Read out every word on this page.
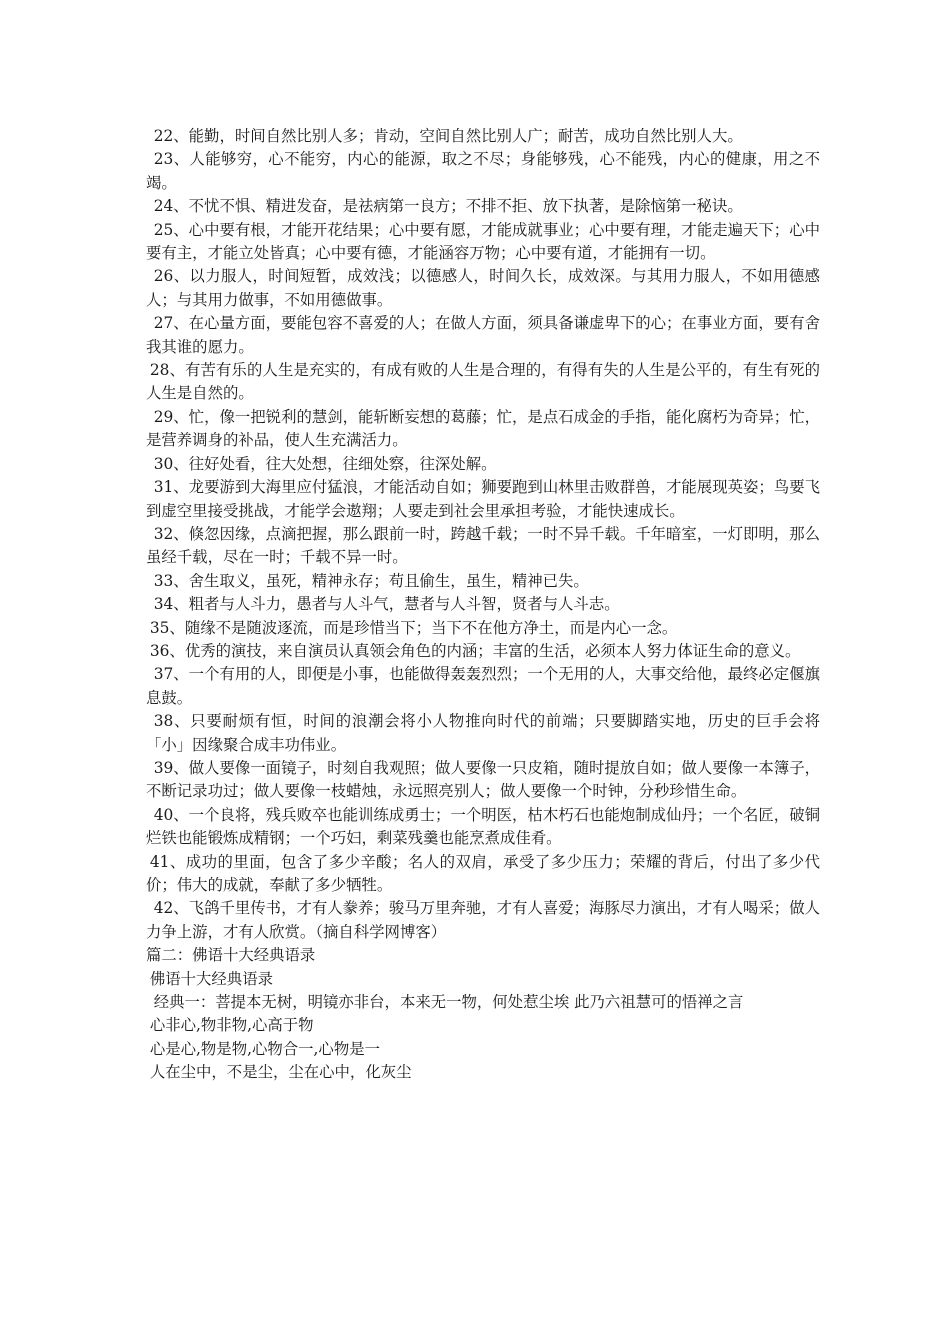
22、能勤，时间自然比别人多；肯动，空间自然比别人广；耐苦，成功自然比别人大。

23、人能够穷，心不能穷，内心的能源，取之不尽；身能够残，心不能残，内心的健康，用之不竭。

24、不忧不惧、精进发奋，是祛病第一良方；不排不拒、放下执著，是除恼第一秘诀。

25、心中要有根，才能开花结果；心中要有愿，才能成就事业；心中要有理，才能走遍天下；心中要有主，才能立处皆真；心中要有德，才能涵容万物；心中要有道，才能拥有一切。

26、以力服人，时间短暂，成效浅；以德感人，时间久长，成效深。与其用力服人，不如用德感人；与其用力做事，不如用德做事。

27、在心量方面，要能包容不喜爱的人；在做人方面，须具备谦虚卑下的心；在事业方面，要有舍我其谁的愿力。

28、有苦有乐的人生是充实的，有成有败的人生是合理的，有得有失的人生是公平的，有生有死的人生是自然的。

29、忙，像一把锐利的慧剑，能斩断妄想的葛藤；忙，是点石成金的手指，能化腐朽为奇异；忙，是营养调身的补品，使人生充满活力。

30、往好处看，往大处想，往细处察，往深处解。

31、龙要游到大海里应付猛浪，才能活动自如；狮要跑到山林里击败群兽，才能展现英姿；鸟要飞到虚空里接受挑战，才能学会遨翔；人要走到社会里承担考验，才能快速成长。

32、倏忽因缘，点滴把握，那么跟前一时，跨越千载；一时不异千载。千年暗室，一灯即明，那么虽经千载，尽在一时；千载不异一时。

33、舍生取义，虽死，精神永存；苟且偷生，虽生，精神已失。

34、粗者与人斗力，愚者与人斗气，慧者与人斗智，贤者与人斗志。

35、随缘不是随波逐流，而是珍惜当下；当下不在他方净土，而是内心一念。

36、优秀的演技，来自演员认真领会角色的内涵；丰富的生活，必须本人努力体证生命的意义。

37、一个有用的人，即便是小事，也能做得轰轰烈烈；一个无用的人，大事交给他，最终必定偃旗息鼓。

38、只要耐烦有恒，时间的浪潮会将小人物推向时代的前端；只要脚踏实地，历史的巨手会将「小」因缘聚合成丰功伟业。

39、做人要像一面镜子，时刻自我观照；做人要像一只皮箱，随时提放自如；做人要像一本簿子，不断记录功过；做人要像一枝蜡烛，永远照亮别人；做人要像一个时钟，分秒珍惜生命。

40、一个良将，残兵败卒也能训练成勇士；一个明医，枯木朽石也能炮制成仙丹；一个名匠，破铜烂铁也能锻炼成精钢；一个巧妇，剩菜残羹也能烹煮成佳肴。

41、成功的里面，包含了多少辛酸；名人的双肩，承受了多少压力；荣耀的背后，付出了多少代价；伟大的成就，奉献了多少牺牲。

42、飞鸽千里传书，才有人豢养；骏马万里奔驰，才有人喜爱；海豚尽力演出，才有人喝采；做人力争上游，才有人欣赏。（摘自科学网博客）

篇二：佛语十大经典语录

佛语十大经典语录

经典一：菩提本无树，明镜亦非台，本来无一物，何处惹尘埃 此乃六祖慧可的悟禅之言

心非心,物非物,心高于物

心是心,物是物,心物合一,心物是一

人在尘中，不是尘，尘在心中，化灰尘
